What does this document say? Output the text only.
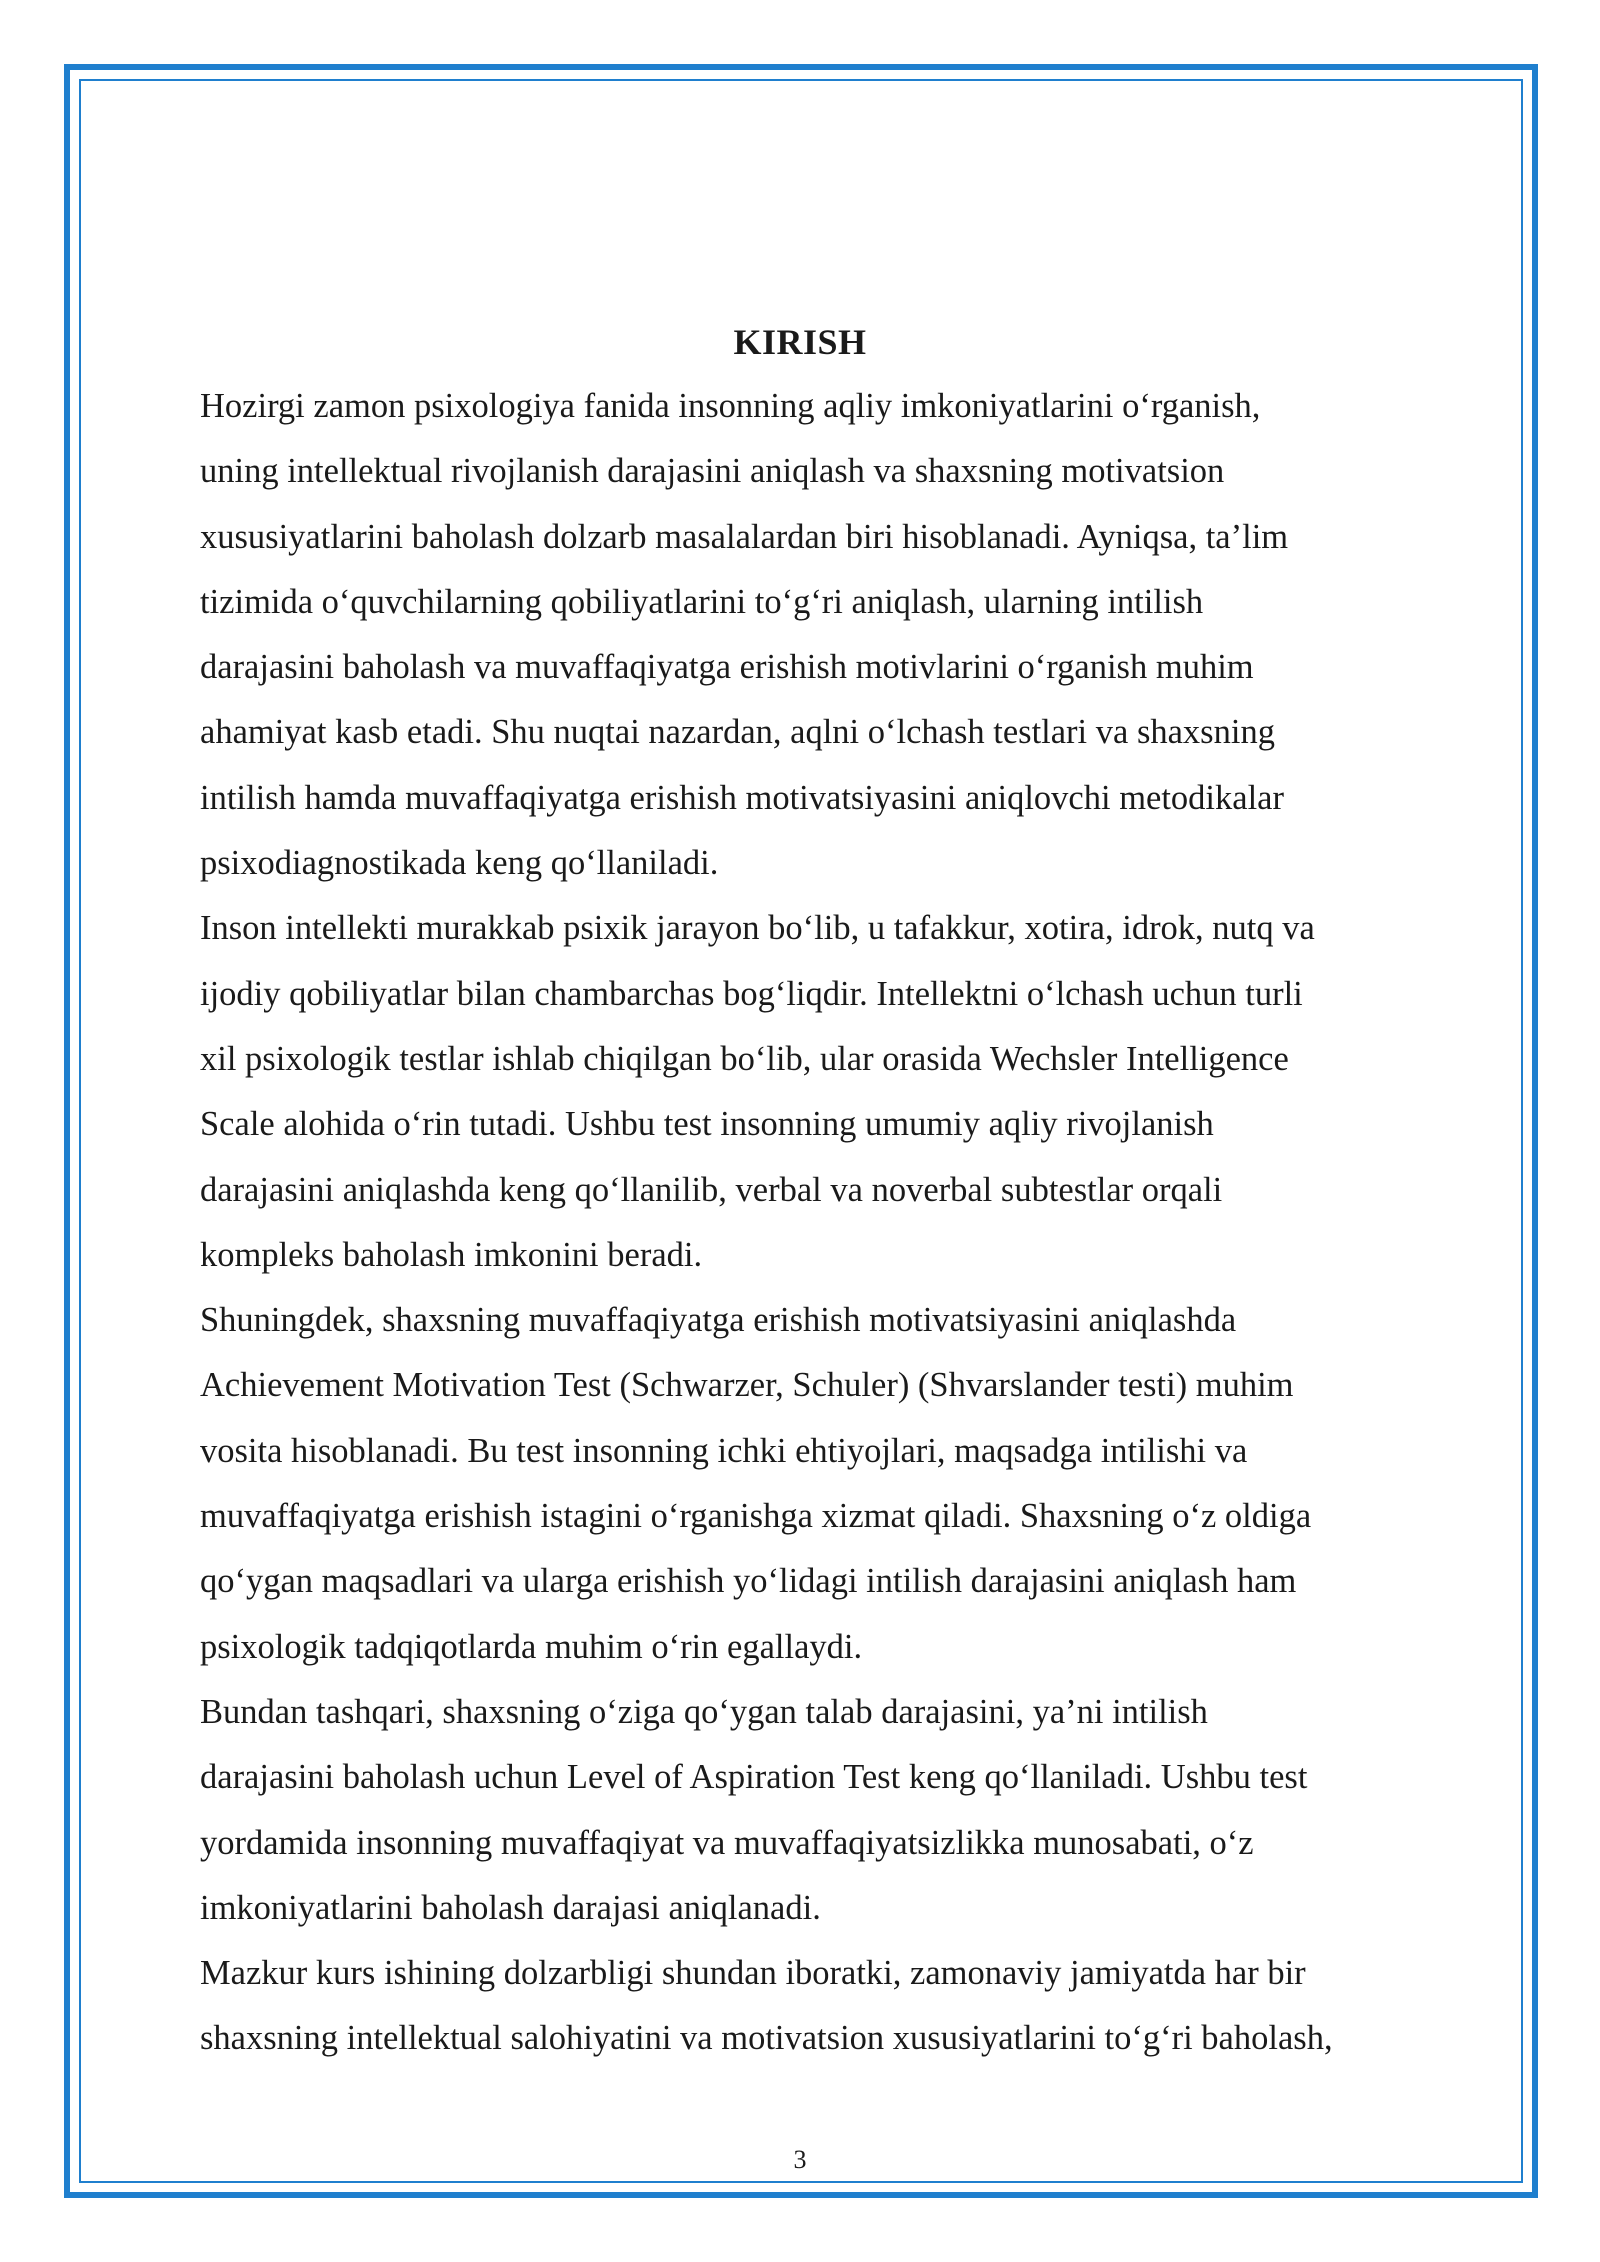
KIRISH

Hozirgi zamon psixologiya fanida insonning aqliy imkoniyatlarini o‘rganish,
uning intellektual rivojlanish darajasini aniqlash va shaxsning motivatsion
xususiyatlarini baholash dolzarb masalalardan biri hisoblanadi. Ayniqsa, ta’lim
tizimida o‘quvchilarning qobiliyatlarini to‘g‘ri aniqlash, ularning intilish
darajasini baholash va muvaffaqiyatga erishish motivlarini o‘rganish muhim
ahamiyat kasb etadi. Shu nuqtai nazardan, aqlni o‘lchash testlari va shaxsning
intilish hamda muvaffaqiyatga erishish motivatsiyasini aniqlovchi metodikalar
psixodiagnostikada keng qo‘llaniladi.

Inson intellekti murakkab psixik jarayon bo‘lib, u tafakkur, xotira, idrok, nutq va
ijodiy qobiliyatlar bilan chambarchas bog‘liqdir. Intellektni o‘lchash uchun turli
xil psixologik testlar ishlab chiqilgan bo‘lib, ular orasida Wechsler Intelligence
Scale alohida o‘rin tutadi. Ushbu test insonning umumiy aqliy rivojlanish
darajasini aniqlashda keng qo‘llanilib, verbal va noverbal subtestlar orqali
kompleks baholash imkonini beradi.

Shuningdek, shaxsning muvaffaqiyatga erishish motivatsiyasini aniqlashda
Achievement Motivation Test (Schwarzer, Schuler) (Shvarslander testi) muhim
vosita hisoblanadi. Bu test insonning ichki ehtiyojlari, maqsadga intilishi va
muvaffaqiyatga erishish istagini o‘rganishga xizmat qiladi. Shaxsning o‘z oldiga
qo‘ygan maqsadlari va ularga erishish yo‘lidagi intilish darajasini aniqlash ham
psixologik tadqiqotlarda muhim o‘rin egallaydi.

Bundan tashqari, shaxsning o‘ziga qo‘ygan talab darajasini, ya’ni intilish
darajasini baholash uchun Level of Aspiration Test keng qo‘llaniladi. Ushbu test
yordamida insonning muvaffaqiyat va muvaffaqiyatsizlikka munosabati, o‘z
imkoniyatlarini baholash darajasi aniqlanadi.

Mazkur kurs ishining dolzarbligi shundan iboratki, zamonaviy jamiyatda har bir
shaxsning intellektual salohiyatini va motivatsion xususiyatlarini to‘g‘ri baholash,

3
